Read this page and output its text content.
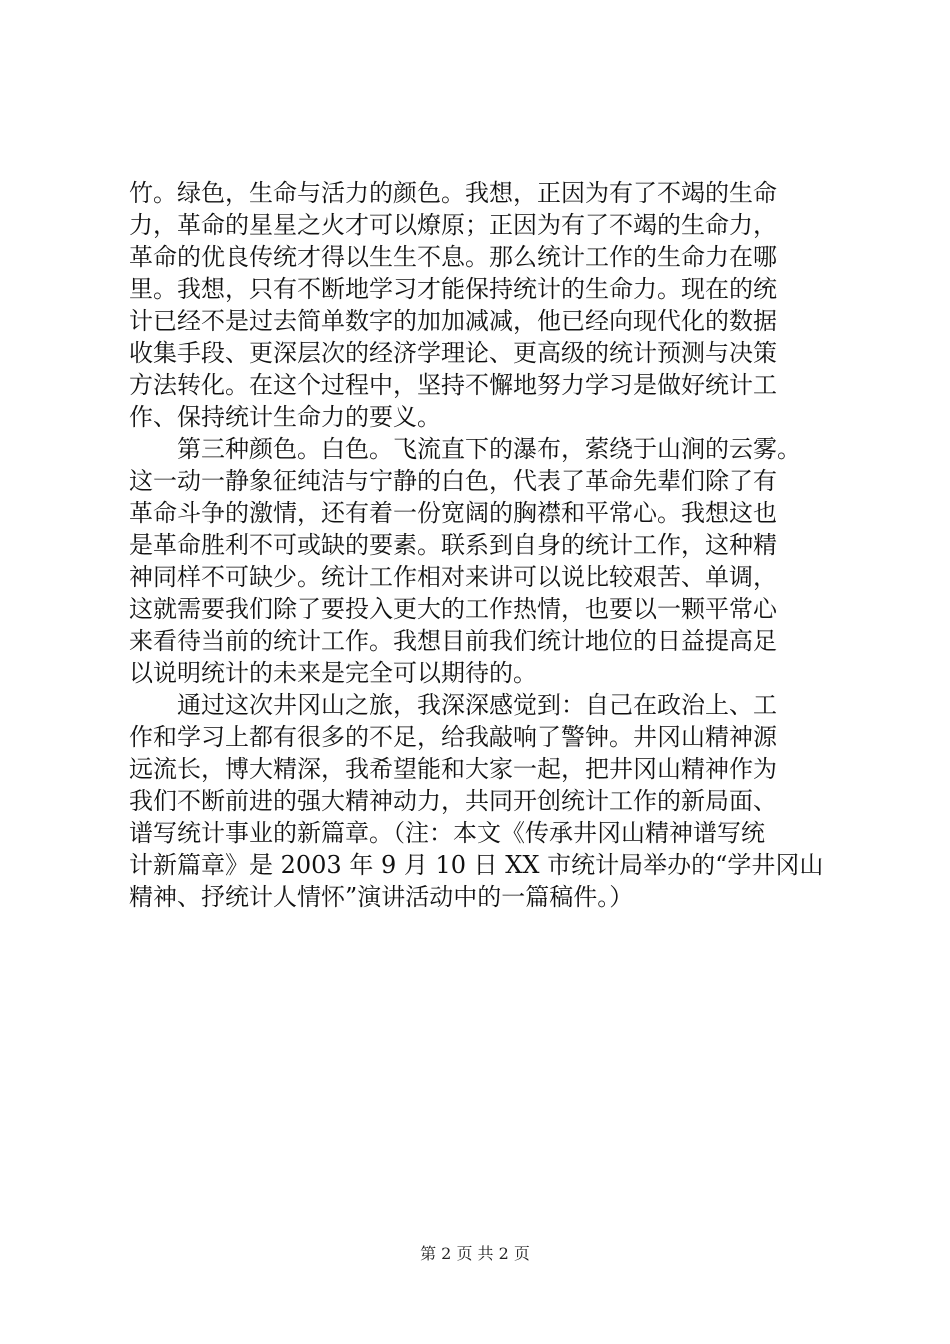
竹。绿色，生命与活力的颜色。我想，正因为有了不竭的生命
力，革命的星星之火才可以燎原；正因为有了不竭的生命力，
革命的优良传统才得以生生不息。那么统计工作的生命力在哪
里。我想，只有不断地学习才能保持统计的生命力。现在的统
计已经不是过去简单数字的加加减减，他已经向现代化的数据
收集手段、更深层次的经济学理论、更高级的统计预测与决策
方法转化。在这个过程中，坚持不懈地努力学习是做好统计工
作、保持统计生命力的要义。
　　第三种颜色。白色。飞流直下的瀑布，萦绕于山涧的云雾。
这一动一静象征纯洁与宁静的白色，代表了革命先辈们除了有
革命斗争的激情，还有着一份宽阔的胸襟和平常心。我想这也
是革命胜利不可或缺的要素。联系到自身的统计工作，这种精
神同样不可缺少。统计工作相对来讲可以说比较艰苦、单调，
这就需要我们除了要投入更大的工作热情，也要以一颗平常心
来看待当前的统计工作。我想目前我们统计地位的日益提高足
以说明统计的未来是完全可以期待的。
　　通过这次井冈山之旅，我深深感觉到：自己在政治上、工
作和学习上都有很多的不足，给我敲响了警钟。井冈山精神源
远流长，博大精深，我希望能和大家一起，把井冈山精神作为
我们不断前进的强大精神动力，共同开创统计工作的新局面、
谱写统计事业的新篇章。（注：本文《传承井冈山精神谱写统
计新篇章》是 2003 年 9 月 10 日 XX 市统计局举办的“学井冈山
精神、抒统计人情怀”演讲活动中的一篇稿件。）
第 2 页 共 2 页
